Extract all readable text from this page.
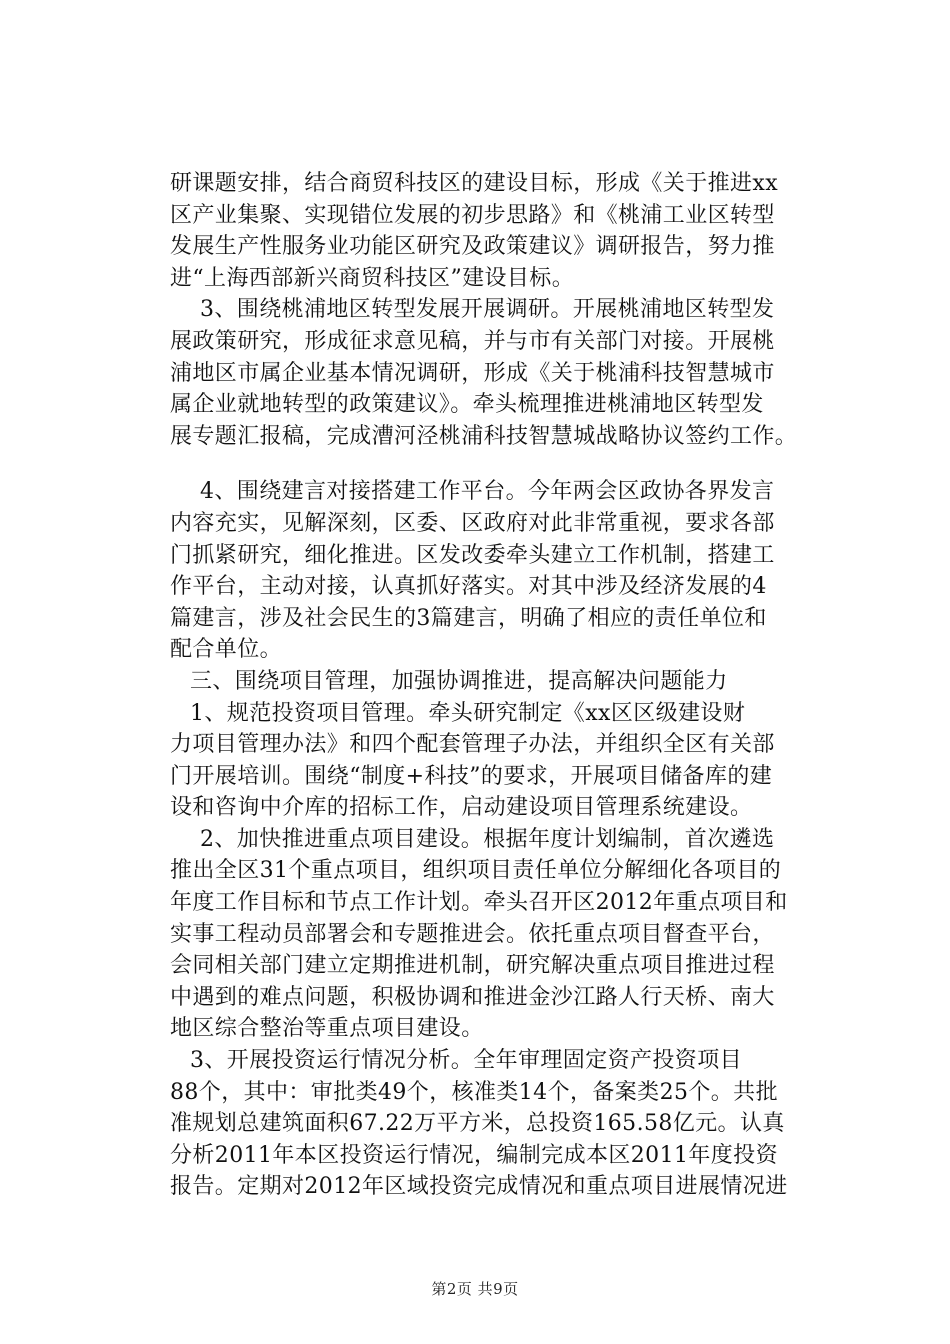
研课题安排，结合商贸科技区的建设目标，形成《关于推进xx
区产业集聚、实现错位发展的初步思路》和《桃浦工业区转型
发展生产性服务业功能区研究及政策建议》调研报告，努力推
进“上海西部新兴商贸科技区”建设目标。
3、围绕桃浦地区转型发展开展调研。开展桃浦地区转型发
展政策研究，形成征求意见稿，并与市有关部门对接。开展桃
浦地区市属企业基本情况调研，形成《关于桃浦科技智慧城市
属企业就地转型的政策建议》。牵头梳理推进桃浦地区转型发
展专题汇报稿，完成漕河泾桃浦科技智慧城战略协议签约工作。
4、围绕建言对接搭建工作平台。今年两会区政协各界发言
内容充实，见解深刻，区委、区政府对此非常重视，要求各部
门抓紧研究，细化推进。区发改委牵头建立工作机制，搭建工
作平台，主动对接，认真抓好落实。对其中涉及经济发展的4
篇建言，涉及社会民生的3篇建言，明确了相应的责任单位和
配合单位。
三、围绕项目管理，加强协调推进，提高解决问题能力
1、规范投资项目管理。牵头研究制定《xx区区级建设财
力项目管理办法》和四个配套管理子办法，并组织全区有关部
门开展培训。围绕“制度+科技”的要求，开展项目储备库的建
设和咨询中介库的招标工作，启动建设项目管理系统建设。
2、加快推进重点项目建设。根据年度计划编制，首次遴选
推出全区31个重点项目，组织项目责任单位分解细化各项目的
年度工作目标和节点工作计划。牵头召开区2012年重点项目和
实事工程动员部署会和专题推进会。依托重点项目督查平台，
会同相关部门建立定期推进机制，研究解决重点项目推进过程
中遇到的难点问题，积极协调和推进金沙江路人行天桥、南大
地区综合整治等重点项目建设。
3、开展投资运行情况分析。全年审理固定资产投资项目
88个，其中：审批类49个，核准类14个，备案类25个。共批
准规划总建筑面积67.22万平方米，总投资165.58亿元。认真
分析2011年本区投资运行情况，编制完成本区2011年度投资
报告。定期对2012年区域投资完成情况和重点项目进展情况进
第2页 共9页
